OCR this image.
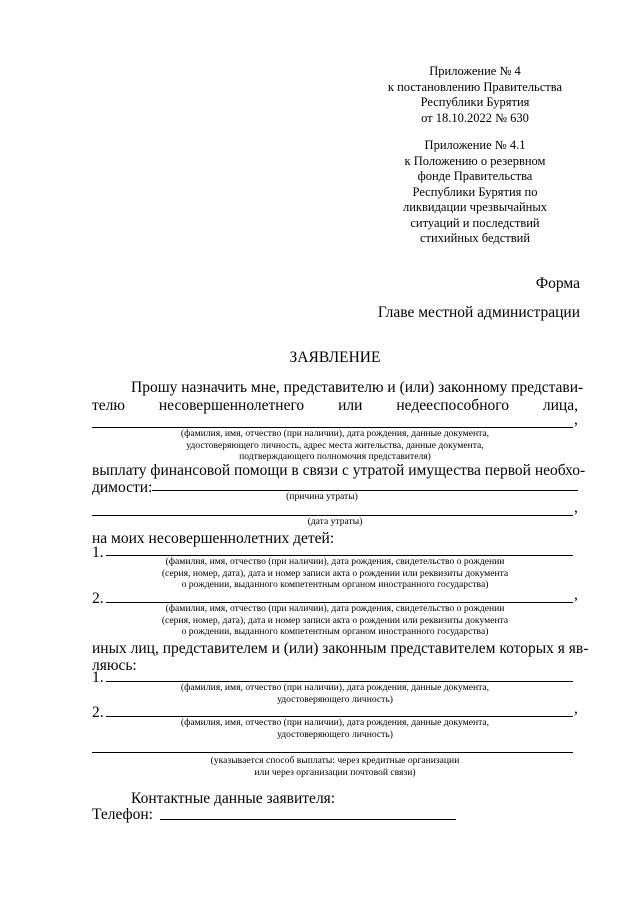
Приложение № 4
к постановлению Правительства
Республики Бурятия
от 18.10.2022 № 630
Приложение № 4.1
к Положению о резервном
фонде Правительства
Республики Бурятия по
ликвидации чрезвычайных
ситуаций и последствий
стихийных бедствий
Форма
Главе местной администрации
ЗАЯВЛЕНИЕ
Прошу назначить мне, представителю и (или) законному представи-
телю несовершеннолетнего или недееспособного лица,
,
(фамилия, имя, отчество (при наличии), дата рождения, данные документа,
удостоверяющего личность, адрес места жительства, данные документа,
подтверждающего полномочия представителя)
выплату финансовой помощи в связи с утратой имущества первой необхо-
димости:
(причина утраты)
,
(дата утраты)
на моих несовершеннолетних детей:
1.
(фамилия, имя, отчество (при наличии), дата рождения, свидетельство о рождении
(серия, номер, дата), дата и номер записи акта о рождении или реквизиты документа
о рождении, выданного компетентным органом иностранного государства)
2.	,
(фамилия, имя, отчество (при наличии), дата рождения, свидетельство о рождении
(серия, номер, дата), дата и номер записи акта о рождении или реквизиты документа
о рождении, выданного компетентным органом иностранного государства)
иных лиц, представителем и (или) законным представителем которых я яв-
ляюсь:
1.
(фамилия, имя, отчество (при наличии), дата рождения, данные документа,
удостоверяющего личность)
2.	,
(фамилия, имя, отчество (при наличии), дата рождения, данные документа,
удостоверяющего личность)
(указывается способ выплаты: через кредитные организации
или через организации почтовой связи)
Контактные данные заявителя:
Телефон:
